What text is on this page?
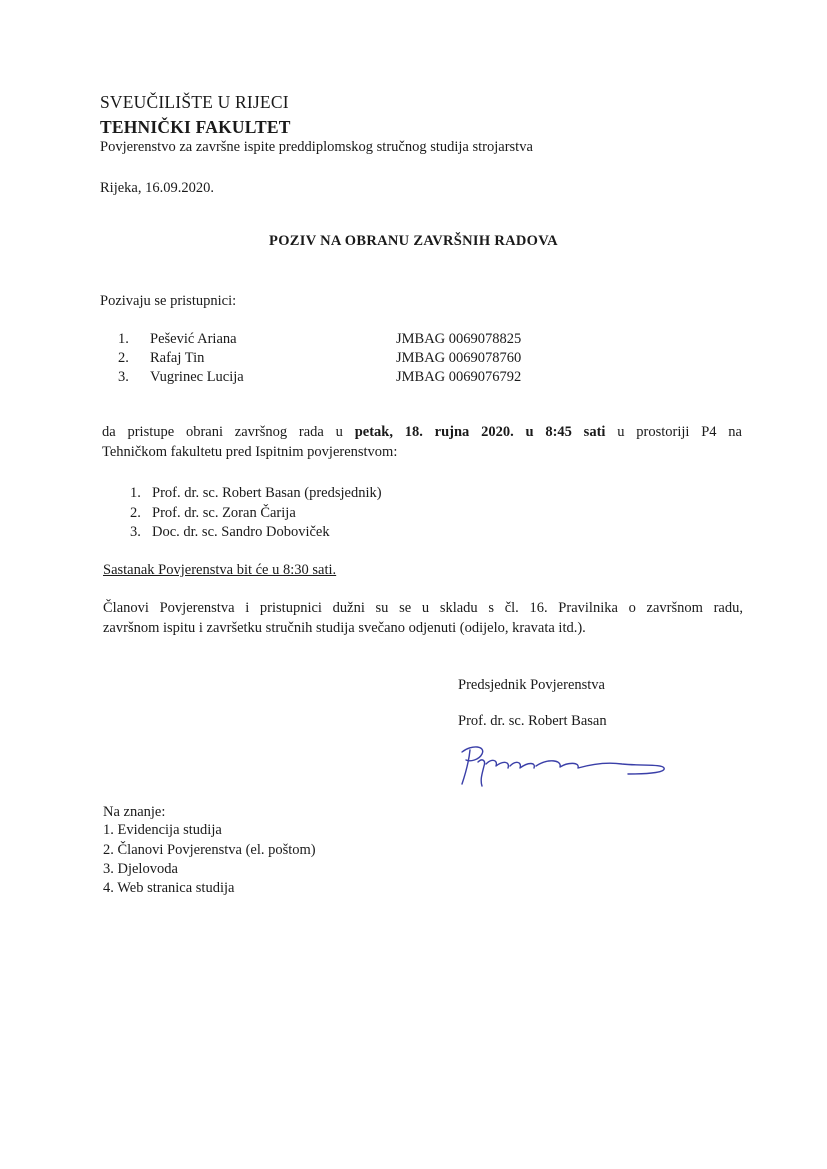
SVEUČILIŠTE U RIJECI
TEHNIČKI FAKULTET
Povjerenstvo za završne ispite preddiplomskog stručnog studija strojarstva
Rijeka, 16.09.2020.
POZIV NA OBRANU ZAVRŠNIH RADOVA
Pozivaju se pristupnici:
1. Pešević Ariana	JMBAG 0069078825
2. Rafaj Tin	JMBAG 0069078760
3. Vugrinec Lucija	JMBAG 0069076792
da pristupe obrani završnog rada u petak, 18. rujna 2020. u 8:45 sati u prostoriji P4 na
Tehničkom fakultetu pred Ispitnim povjerenstvom:
1. Prof. dr. sc. Robert Basan (predsjednik)
2. Prof. dr. sc. Zoran Čarija
3. Doc. dr. sc. Sandro Doboviček
Sastanak Povjerenstva bit će u 8:30 sati.
Članovi Povjerenstva i pristupnici dužni su se u skladu s čl. 16. Pravilnika o završnom radu,
završnom ispitu i završetku stručnih studija svečano odjenuti (odijelo, kravata itd.).
Predsjednik Povjerenstva
Prof. dr. sc. Robert Basan
Na znanje:
1. Evidencija studija
2. Članovi Povjerenstva (el. poštom)
3. Djelovoda
4. Web stranica studija
